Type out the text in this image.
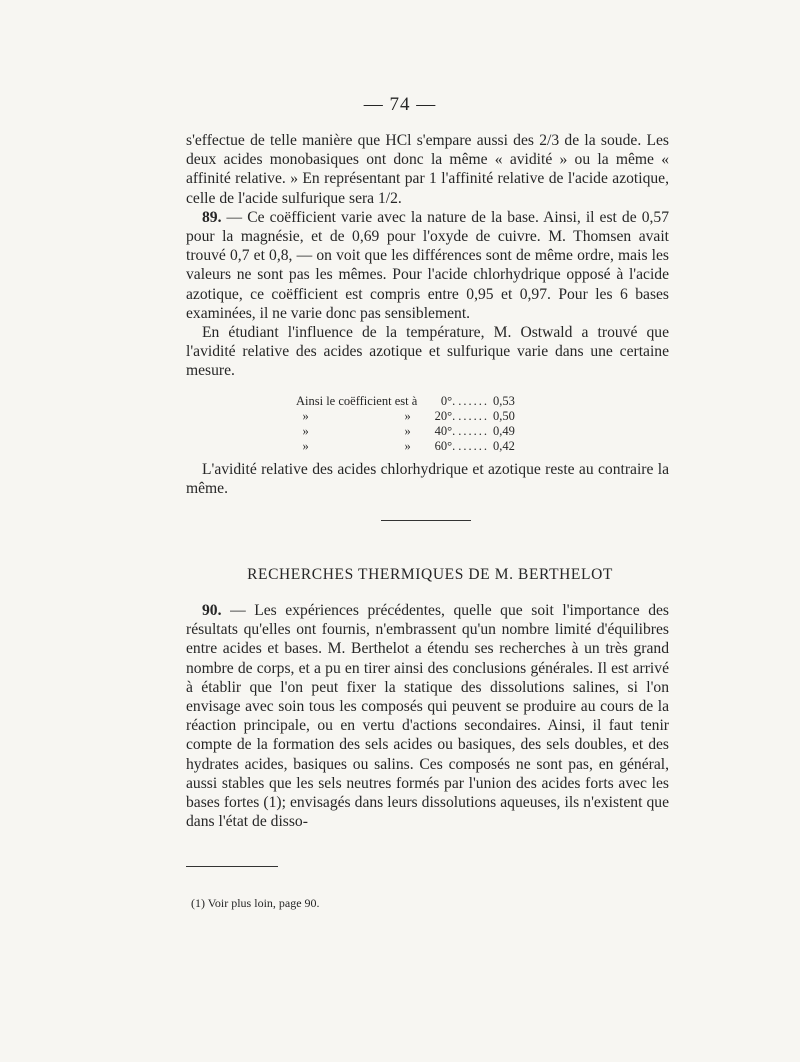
— 74 —

s'effectue de telle manière que HCl s'empare aussi des 2/3 de la soude. Les deux acides monobasiques ont donc la même « avidité » ou la même « affinité relative. » En représentant par 1 l'affinité relative de l'acide azotique, celle de l'acide sulfurique sera 1/2.

89. — Ce coëfficient varie avec la nature de la base. Ainsi, il est de 0,57 pour la magnésie, et de 0,69 pour l'oxyde de cuivre. M. Thomsen avait trouvé 0,7 et 0,8, — on voit que les différences sont de même ordre, mais les valeurs ne sont pas les mêmes. Pour l'acide chlorhydrique opposé à l'acide azotique, ce coëfficient est compris entre 0,95 et 0,97. Pour les 6 bases examinées, il ne varie donc pas sensiblement.

En étudiant l'influence de la température, M. Ostwald a trouvé que l'avidité relative des acides azotique et sulfurique varie dans une certaine mesure.

Ainsi le coëfficient est à			0°.	......	0,53
»		»	20°.	......	0,50
»		»	40°.	......	0,49
»		»	60°.	......	0,42

L'avidité relative des acides chlorhydrique et azotique reste au contraire la même.

RECHERCHES THERMIQUES DE M. BERTHELOT

90. — Les expériences précédentes, quelle que soit l'importance des résultats qu'elles ont fournis, n'embrassent qu'un nombre limité d'équilibres entre acides et bases. M. Berthelot a étendu ses recherches à un très grand nombre de corps, et a pu en tirer ainsi des conclusions générales. Il est arrivé à établir que l'on peut fixer la statique des dissolutions salines, si l'on envisage avec soin tous les composés qui peuvent se produire au cours de la réaction principale, ou en vertu d'actions secondaires. Ainsi, il faut tenir compte de la formation des sels acides ou basiques, des sels doubles, et des hydrates acides, basiques ou salins. Ces composés ne sont pas, en général, aussi stables que les sels neutres formés par l'union des acides forts avec les bases fortes (1); envisagés dans leurs dissolutions aqueuses, ils n'existent que dans l'état de disso-

(1) Voir plus loin, page 90.
